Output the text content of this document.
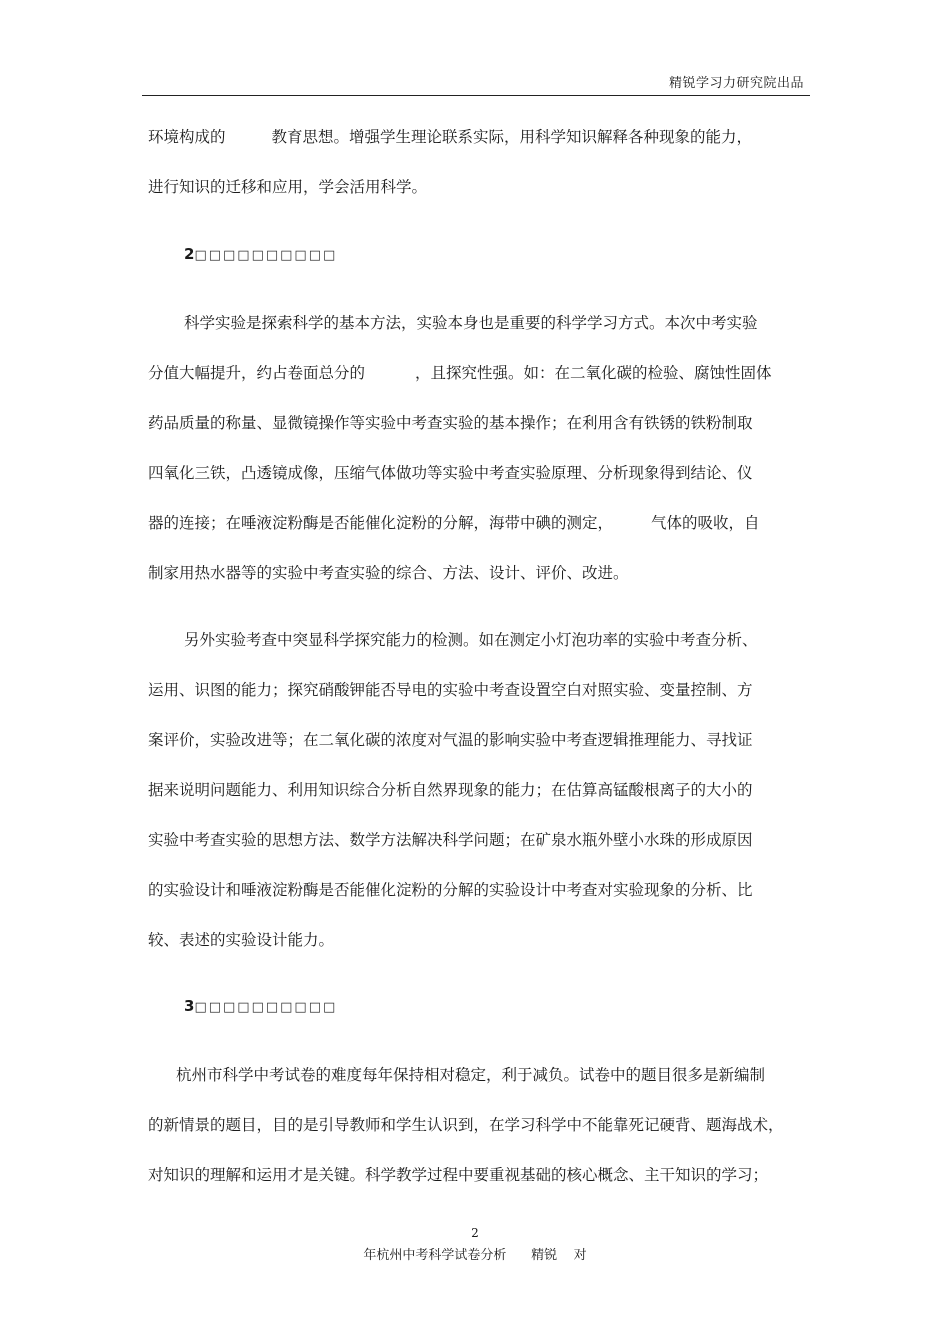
精锐学习力研究院出品
环境构成的	教育思想。增强学生理论联系实际，用科学知识解释各种现象的能力，
进行知识的迁移和应用，学会活用科学。
2□□□□□□□□□□
科学实验是探索科学的基本方法，实验本身也是重要的科学学习方式。本次中考实验
分值大幅提升，约占卷面总分的	，且探究性强。如：在二氧化碳的检验、腐蚀性固体
药品质量的称量、显微镜操作等实验中考查实验的基本操作；在利用含有铁锈的铁粉制取
四氧化三铁，凸透镜成像，压缩气体做功等实验中考查实验原理、分析现象得到结论、仪
器的连接；在唾液淀粉酶是否能催化淀粉的分解，海带中碘的测定， 气体的吸收，自
制家用热水器等的实验中考查实验的综合、方法、设计、评价、改进。
另外实验考查中突显科学探究能力的检测。如在测定小灯泡功率的实验中考查分析、
运用、识图的能力；探究硝酸钾能否导电的实验中考查设置空白对照实验、变量控制、方
案评价，实验改进等；在二氧化碳的浓度对气温的影响实验中考查逻辑推理能力、寻找证
据来说明问题能力、利用知识综合分析自然界现象的能力；在估算高锰酸根离子的大小的
实验中考查实验的思想方法、数学方法解决科学问题；在矿泉水瓶外壁小水珠的形成原因
的实验设计和唾液淀粉酶是否能催化淀粉的分解的实验设计中考查对实验现象的分析、比
较、表述的实验设计能力。
3□□□□□□□□□□
杭州市科学中考试卷的难度每年保持相对稳定，利于减负。试卷中的题目很多是新编制
的新情景的题目，目的是引导教师和学生认识到，在学习科学中不能靠死记硬背、题海战术，
对知识的理解和运用才是关键。科学教学过程中要重视基础的核心概念、主干知识的学习；
2
年杭州中考科学试卷分析      精锐    对
